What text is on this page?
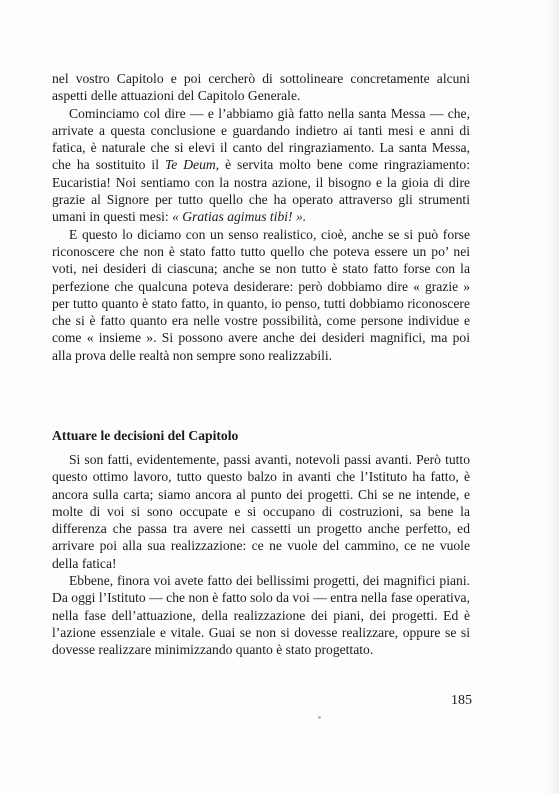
nel vostro Capitolo e poi cercherò di sottolineare concretamente alcuni aspetti delle attuazioni del Capitolo Generale.

Cominciamo col dire — e l’abbiamo già fatto nella santa Messa — che, arrivate a questa conclusione e guardando indietro ai tanti mesi e anni di fatica, è naturale che si elevi il canto del ringraziamento. La santa Messa, che ha sostituito il Te Deum, è servita molto bene come ringraziamento: Eucaristia! Noi sentiamo con la nostra azione, il bisogno e la gioia di dire grazie al Signore per tutto quello che ha operato attraverso gli strumenti umani in questi mesi: « Gratias agimus tibi! ».

E questo lo diciamo con un senso realistico, cioè, anche se si può forse riconoscere che non è stato fatto tutto quello che poteva essere un po’ nei voti, nei desideri di ciascuna; anche se non tutto è stato fatto forse con la perfezione che qualcuna poteva desiderare: però dobbiamo dire « grazie » per tutto quanto è stato fatto, in quanto, io penso, tutti dobbiamo riconoscere che si è fatto quanto era nelle vostre possibilità, come persone individue e come « insieme ». Si possono avere anche dei desideri magnifici, ma poi alla prova delle realtà non sempre sono realizzabili.

Attuare le decisioni del Capitolo

Si son fatti, evidentemente, passi avanti, notevoli passi avanti. Però tutto questo ottimo lavoro, tutto questo balzo in avanti che l’Istituto ha fatto, è ancora sulla carta; siamo ancora al punto dei progetti. Chi se ne intende, e molte di voi si sono occupate e si occupano di costruzioni, sa bene la differenza che passa tra avere nei cassetti un progetto anche perfetto, ed arrivare poi alla sua realizzazione: ce ne vuole del cammino, ce ne vuole della fatica!

Ebbene, finora voi avete fatto dei bellissimi progetti, dei magnifici piani. Da oggi l’Istituto — che non è fatto solo da voi — entra nella fase operativa, nella fase dell’attuazione, della realizzazione dei piani, dei progetti. Ed è l’azione essenziale e vitale. Guai se non si dovesse realizzare, oppure se si dovesse realizzare minimizzando quanto è stato progettato.

185
